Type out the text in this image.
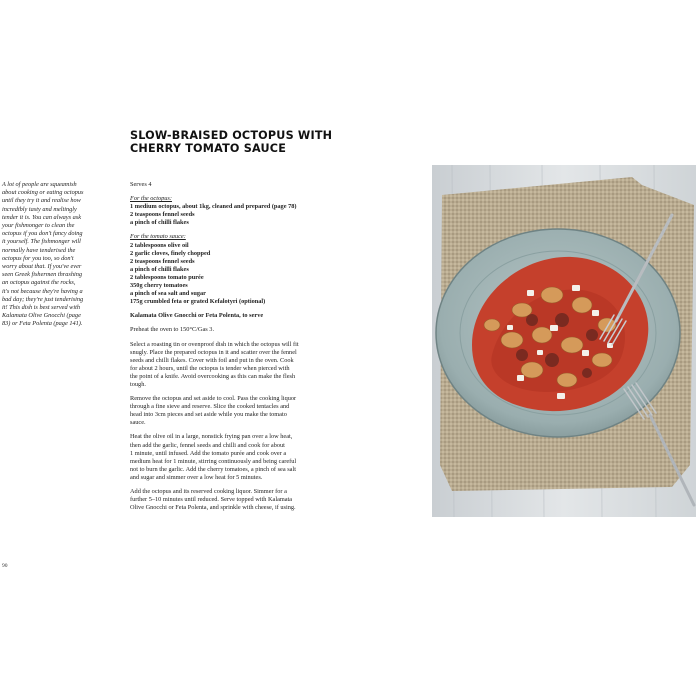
SLOW-BRAISED OCTOPUS WITH
CHERRY TOMATO SAUCE
A lot of people are squeamish
about cooking or eating octopus
until they try it and realise how
incredibly tasty and meltingly
tender it is. You can always ask
your fishmonger to clean the
octopus if you don't fancy doing
it yourself. The fishmonger will
normally have tenderised the
octopus for you too, so don't
worry about that. If you've ever
seen Greek fishermen thrashing
an octopus against the rocks,
it's not because they're having a
bad day; they're just tenderising
it! This dish is best served with
Kalamata Olive Gnocchi (page
83) or Feta Polenta (page 141).
Serves 4
For the octopus:
1 medium octopus, about 1kg, cleaned and prepared (page 78)
2 teaspoons fennel seeds
a pinch of chilli flakes
For the tomato sauce:
2 tablespoons olive oil
2 garlic cloves, finely chopped
2 teaspoons fennel seeds
a pinch of chilli flakes
2 tablespoons tomato purée
350g cherry tomatoes
a pinch of sea salt and sugar
175g crumbled feta or grated Kefalotyri (optional)
Kalamata Olive Gnocchi or Feta Polenta, to serve
Preheat the oven to 150°C/Gas 3.
Select a roasting tin or ovenproof dish in which the octopus will fit
snugly. Place the prepared octopus in it and scatter over the fennel
seeds and chilli flakes. Cover with foil and put in the oven. Cook
for about 2 hours, until the octopus is tender when pierced with
the point of a knife. Avoid overcooking as this can make the flesh
tough.
Remove the octopus and set aside to cool. Pass the cooking liquor
through a fine sieve and reserve. Slice the cooked tentacles and
head into 3cm pieces and set aside while you make the tomato
sauce.
Heat the olive oil in a large, nonstick frying pan over a low heat,
then add the garlic, fennel seeds and chilli and cook for about
1 minute, until infused. Add the tomato purée and cook over a
medium heat for 1 minute, stirring continuously and being careful
not to burn the garlic. Add the cherry tomatoes, a pinch of sea salt
and sugar and simmer over a low heat for 5 minutes.
Add the octopus and its reserved cooking liquor. Simmer for a
further 5–10 minutes until reduced. Serve topped with Kalamata
Olive Gnocchi or Feta Polenta, and sprinkle with cheese, if using.
90
